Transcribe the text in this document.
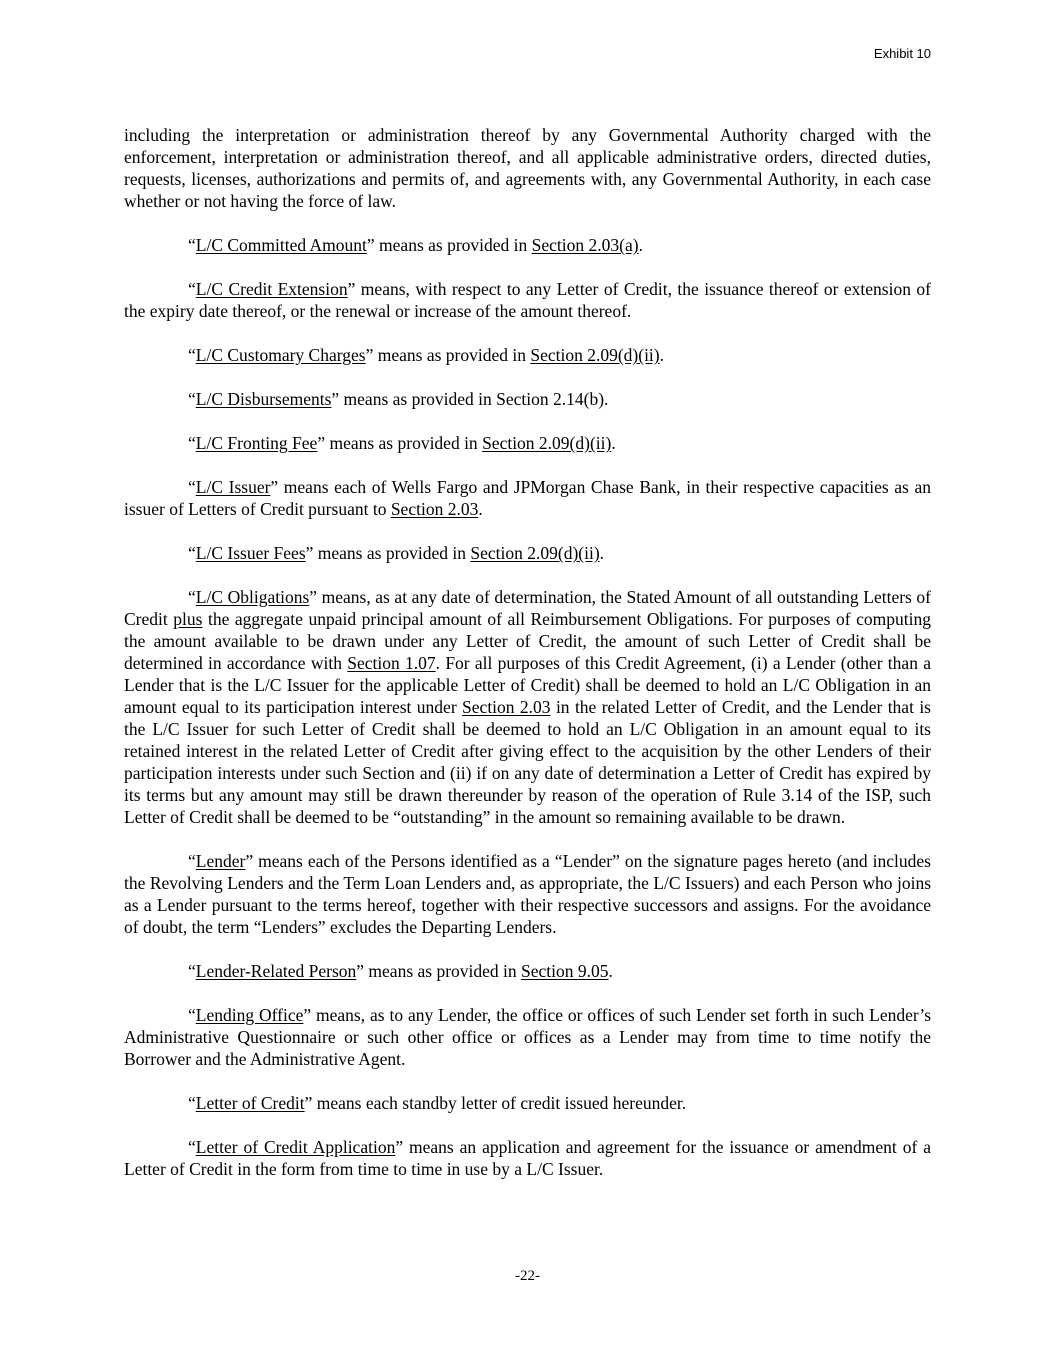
Exhibit 10

including the interpretation or administration thereof by any Governmental Authority charged with the enforcement, interpretation or administration thereof, and all applicable administrative orders, directed duties, requests, licenses, authorizations and permits of, and agreements with, any Governmental Authority, in each case whether or not having the force of law.

“L/C Committed Amount” means as provided in Section 2.03(a).

“L/C Credit Extension” means, with respect to any Letter of Credit, the issuance thereof or extension of the expiry date thereof, or the renewal or increase of the amount thereof.

“L/C Customary Charges” means as provided in Section 2.09(d)(ii).

“L/C Disbursements” means as provided in Section 2.14(b).

“L/C Fronting Fee” means as provided in Section 2.09(d)(ii).

“L/C Issuer” means each of Wells Fargo and JPMorgan Chase Bank, in their respective capacities as an issuer of Letters of Credit pursuant to Section 2.03.

“L/C Issuer Fees” means as provided in Section 2.09(d)(ii).

“L/C Obligations” means, as at any date of determination, the Stated Amount of all outstanding Letters of Credit plus the aggregate unpaid principal amount of all Reimbursement Obligations. For purposes of computing the amount available to be drawn under any Letter of Credit, the amount of such Letter of Credit shall be determined in accordance with Section 1.07. For all purposes of this Credit Agreement, (i) a Lender (other than a Lender that is the L/C Issuer for the applicable Letter of Credit) shall be deemed to hold an L/C Obligation in an amount equal to its participation interest under Section 2.03 in the related Letter of Credit, and the Lender that is the L/C Issuer for such Letter of Credit shall be deemed to hold an L/C Obligation in an amount equal to its retained interest in the related Letter of Credit after giving effect to the acquisition by the other Lenders of their participation interests under such Section and (ii) if on any date of determination a Letter of Credit has expired by its terms but any amount may still be drawn thereunder by reason of the operation of Rule 3.14 of the ISP, such Letter of Credit shall be deemed to be “outstanding” in the amount so remaining available to be drawn.

“Lender” means each of the Persons identified as a “Lender” on the signature pages hereto (and includes the Revolving Lenders and the Term Loan Lenders and, as appropriate, the L/C Issuers) and each Person who joins as a Lender pursuant to the terms hereof, together with their respective successors and assigns. For the avoidance of doubt, the term “Lenders” excludes the Departing Lenders.

“Lender-Related Person” means as provided in Section 9.05.

“Lending Office” means, as to any Lender, the office or offices of such Lender set forth in such Lender’s Administrative Questionnaire or such other office or offices as a Lender may from time to time notify the Borrower and the Administrative Agent.

“Letter of Credit” means each standby letter of credit issued hereunder.

“Letter of Credit Application” means an application and agreement for the issuance or amendment of a Letter of Credit in the form from time to time in use by a L/C Issuer.

-22-
